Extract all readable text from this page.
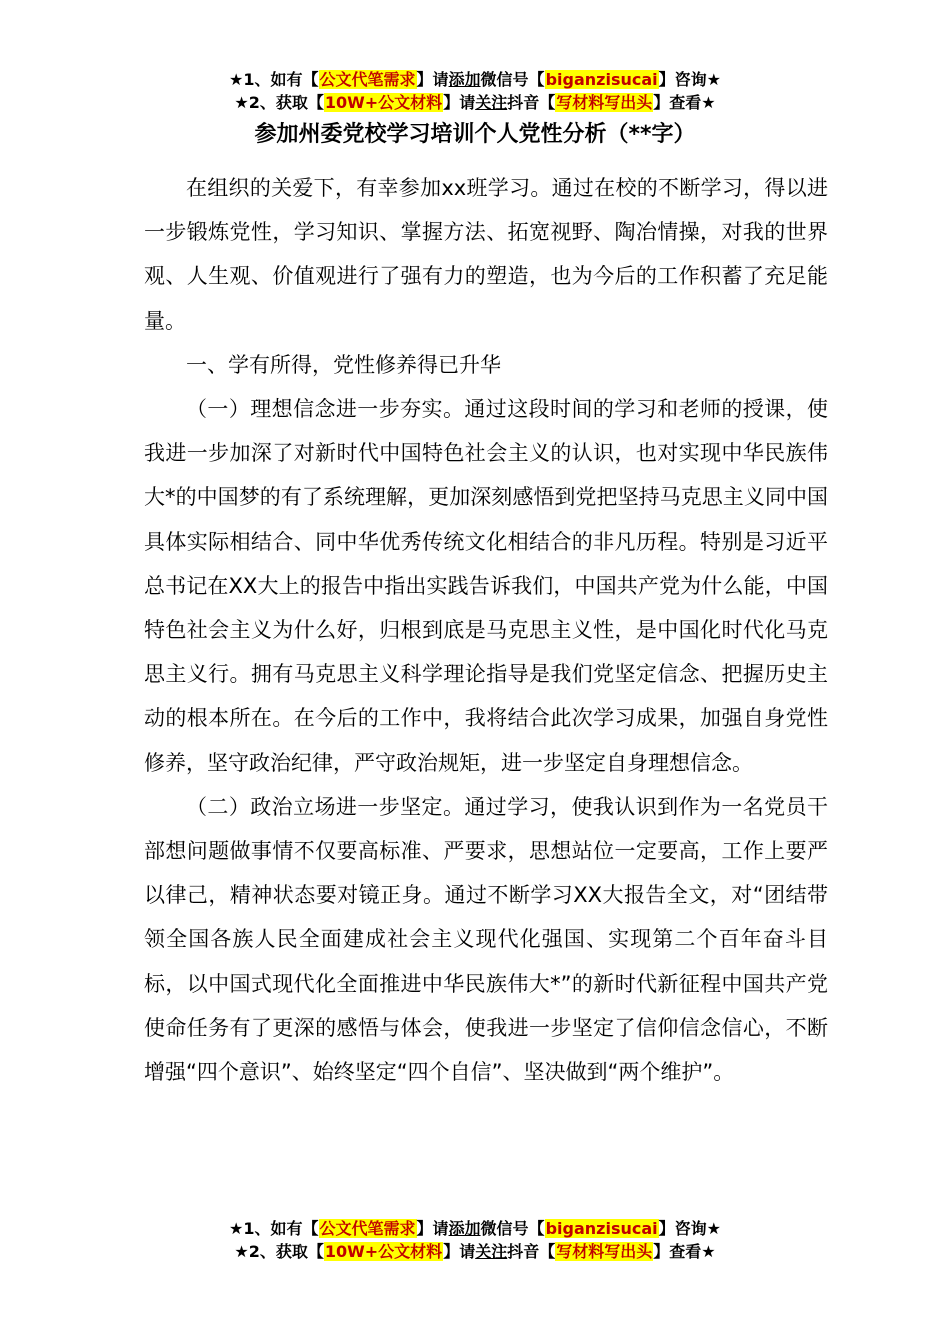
★1、如有【公文代笔需求】请添加微信号【biganzisucai】咨询★
★2、获取【10W+公文材料】请关注抖音【写材料写出头】查看★
参加州委党校学习培训个人党性分析（**字）

在组织的关爱下，有幸参加xx班学习。通过在校的不断学习，得以进一步锻炼党性，学习知识、掌握方法、拓宽视野、陶冶情操，对我的世界观、人生观、价值观进行了强有力的塑造，也为今后的工作积蓄了充足能量。

一、学有所得，党性修养得已升华

（一）理想信念进一步夯实。通过这段时间的学习和老师的授课，使我进一步加深了对新时代中国特色社会主义的认识，也对实现中华民族伟大*的中国梦的有了系统理解，更加深刻感悟到党把坚持马克思主义同中国具体实际相结合、同中华优秀传统文化相结合的非凡历程。特别是习近平总书记在XX大上的报告中指出实践告诉我们，中国共产党为什么能，中国特色社会主义为什么好，归根到底是马克思主义性，是中国化时代化马克思主义行。拥有马克思主义科学理论指导是我们党坚定信念、把握历史主动的根本所在。在今后的工作中，我将结合此次学习成果，加强自身党性修养，坚守政治纪律，严守政治规矩，进一步坚定自身理想信念。

（二）政治立场进一步坚定。通过学习，使我认识到作为一名党员干部想问题做事情不仅要高标准、严要求，思想站位一定要高，工作上要严以律己，精神状态要对镜正身。通过不断学习XX大报告全文，对“团结带领全国各族人民全面建成社会主义现代化强国、实现第二个百年奋斗目标，以中国式现代化全面推进中华民族伟大*”的新时代新征程中国共产党使命任务有了更深的感悟与体会，使我进一步坚定了信仰信念信心，不断增强“四个意识”、始终坚定“四个自信”、坚决做到“两个维护”。

★1、如有【公文代笔需求】请添加微信号【biganzisucai】咨询★
★2、获取【10W+公文材料】请关注抖音【写材料写出头】查看★
